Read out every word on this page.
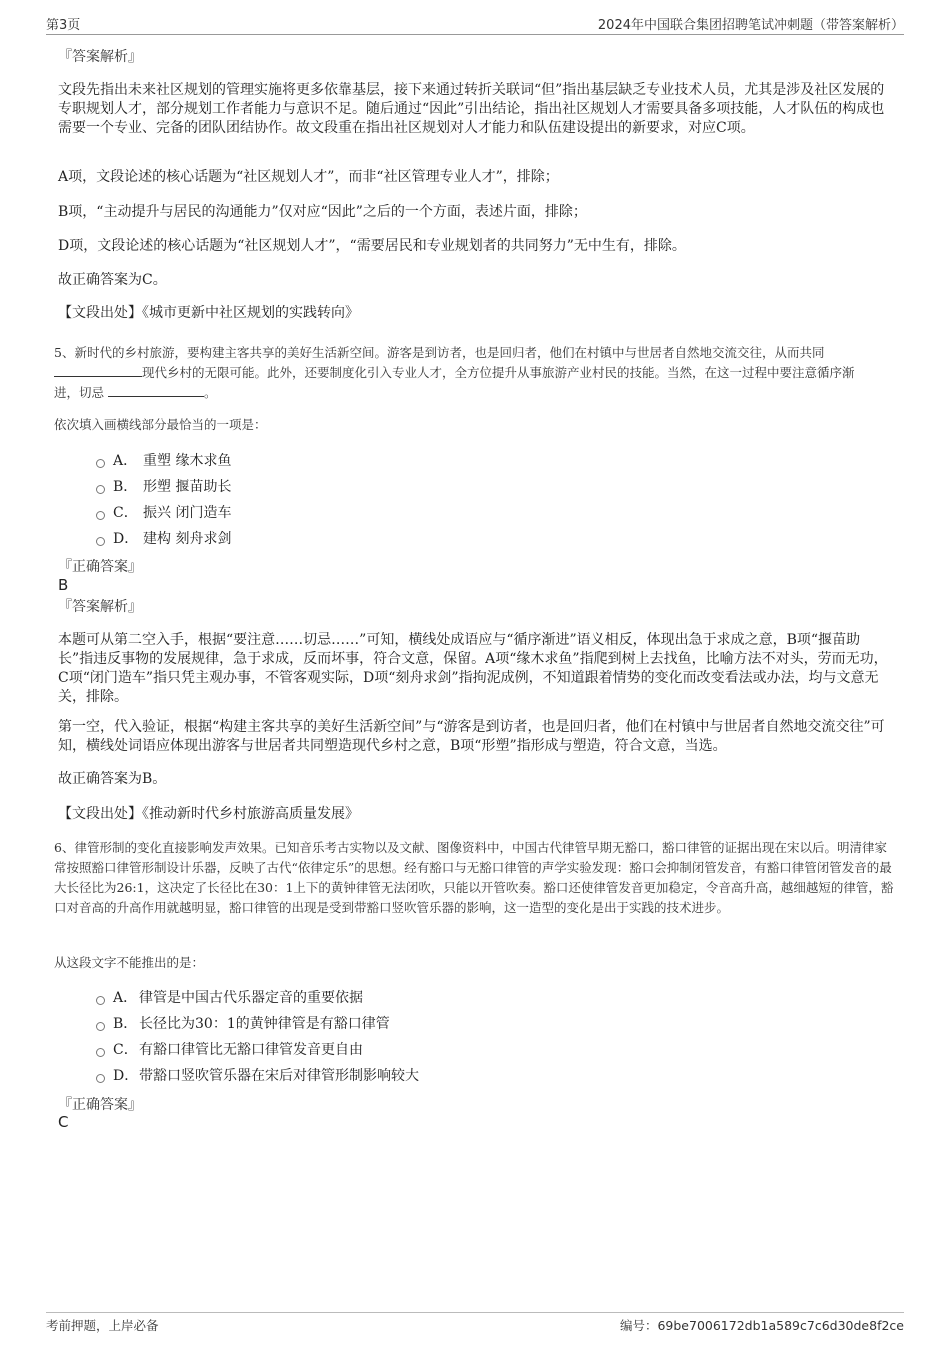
第3页	2024年中国联合集团招聘笔试冲刺题（带答案解析）
『答案解析』

文段先指出未来社区规划的管理实施将更多依靠基层，接下来通过转折关联词“但”指出基层缺乏专业技术人员，尤其是涉及社区发展的专职规划人才，部分规划工作者能力与意识不足。随后通过“因此”引出结论，指出社区规划人才需要具备多项技能，人才队伍的构成也需要一个专业、完备的团队团结协作。故文段重在指出社区规划对人才能力和队伍建设提出的新要求，对应C项。

A项，文段论述的核心话题为“社区规划人才”，而非“社区管理专业人才”，排除；
B项，“主动提升与居民的沟通能力”仅对应“因此”之后的一个方面，表述片面，排除；
D项，文段论述的核心话题为“社区规划人才”，“需要居民和专业规划者的共同努力”无中生有，排除。
故正确答案为C。
【文段出处】《城市更新中社区规划的实践转向》

5、新时代的乡村旅游，要构建主客共享的美好生活新空间。游客是到访者，也是回归者，他们在村镇中与世居者自然地交流交往，从而共同

现代乡村的无限可能。此外，还要制度化引入专业人才，全方位提升从事旅游产业村民的技能。当然，在这一过程中要注意循序渐

进，切忌	。

依次填入画横线部分最恰当的一项是：
A． 重塑 缘木求鱼
B． 形塑 揠苗助长
C． 振兴 闭门造车
D． 建构 刻舟求剑
『正确答案』
B
『答案解析』

本题可从第二空入手，根据“要注意……切忌……”可知，横线处成语应与“循序渐进”语义相反，体现出急于求成之意，B项“揠苗助长”指违反事物的发展规律，急于求成，反而坏事，符合文意，保留。A项“缘木求鱼”指爬到树上去找鱼，比喻方法不对头，劳而无功，C项“闭门造车”指只凭主观办事，不管客观实际，D项“刻舟求剑”指拘泥成例，不知道跟着情势的变化而改变看法或办法，均与文意无关，排除。

第一空，代入验证，根据“构建主客共享的美好生活新空间”与“游客是到访者，也是回归者，他们在村镇中与世居者自然地交流交往”可知，横线处词语应体现出游客与世居者共同塑造现代乡村之意，B项“形塑”指形成与塑造，符合文意，当选。

故正确答案为B。
【文段出处】《推动新时代乡村旅游高质量发展》

6、律管形制的变化直接影响发声效果。已知音乐考古实物以及文献、图像资料中，中国古代律管早期无豁口，豁口律管的证据出现在宋以后。明清律家常按照豁口律管形制设计乐器，反映了古代“依律定乐”的思想。经有豁口与无豁口律管的声学实验发现：豁口会抑制闭管发音，有豁口律管闭管发音的最大长径比为26:1，这决定了长径比在30：1上下的黄钟律管无法闭吹，只能以开管吹奏。豁口还使律管发音更加稳定，令音高升高，越细越短的律管，豁口对音高的升高作用就越明显，豁口律管的出现是受到带豁口竖吹管乐器的影响，这一造型的变化是出于实践的技术进步。

从这段文字不能推出的是：
A． 律管是中国古代乐器定音的重要依据
B． 长径比为30：1的黄钟律管是有豁口律管
C． 有豁口律管比无豁口律管发音更自由
D． 带豁口竖吹管乐器在宋后对律管形制影响较大
『正确答案』
C
考前押题，上岸必备	编号：69be7006172db1a589c7c6d30de8f2ce
